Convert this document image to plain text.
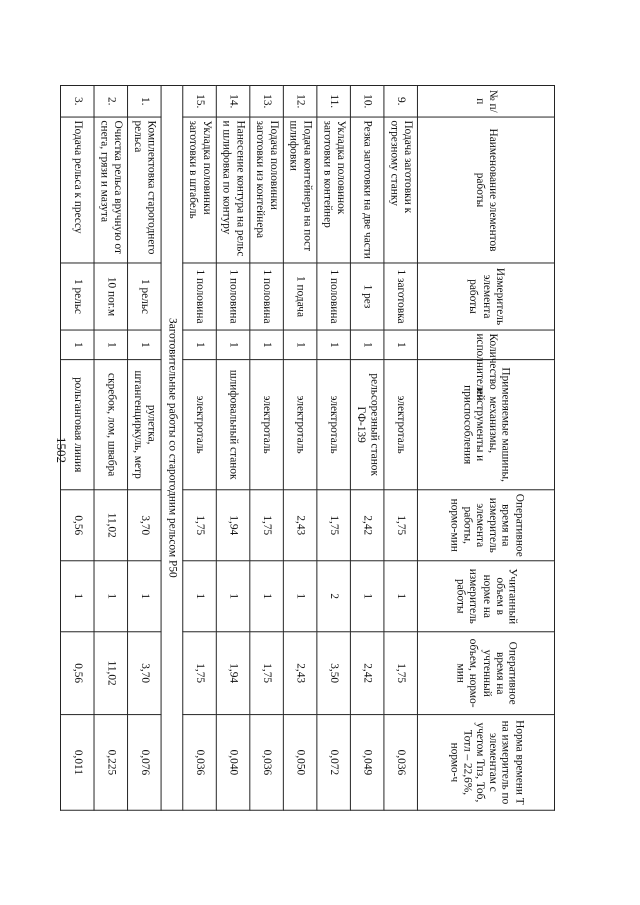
1502
№ п/п	Наименование элементов работы	Измеритель элемента работы	Количество исполнителей	Применяемые машины, механизмы, инструменты и приспособления	Оперативное время на измеритель элемента работы, нормо-мин	Учитанный объем в норме на измеритель работы	Оперативное время на учтенный объем, нормо-мин	Норма времени Т на измеритель по элементам с учетом Тпз, Тоб, Тотл – 22,6%, нормо-ч
9.	Подача заготовки к отрезному станку	1 заготовка	1	электроталь	1,75	1	1,75	0,036
10.	Резка заготовки на две части	1 рез	1	рельсорезный станок ГФ-139	2,42	1	2,42	0,049
11.	Укладка половинок заготовки в контейнер	1 половина	1	электроталь	1,75	2	3,50	0,072
12.	Подача контейнера на пост шлифовки	1 подача	1	электроталь	2,43	1	2,43	0,050
13.	Подача половинки заготовки из контейнера	1 половина	1	электроталь	1,75	1	1,75	0,036
14.	Нанесение контура на рельс и шлифовка по контуру	1 половина	1	шлифовальный станок	1,94	1	1,94	0,040
15.	Укладка половинки заготовки в штабель	1 половина	1	электроталь	1,75	1	1,75	0,036
Заготовительные работы со старогодним рельсом Р50								
1.	Комплектовка старогоднего рельса	1 рельс	1	рулетка, штангенциркуль, метр	3,70	1	3,70	0,076
2.	Очистка рельса вручную от снега, грязи и мазута	10 пог.м	1	скребок, лом, швабра	11,02	1	11,02	0,225
3.	Подача рельса к прессу	1 рельс	1	рольганговая линия	0,56	1	0,56	0,011
